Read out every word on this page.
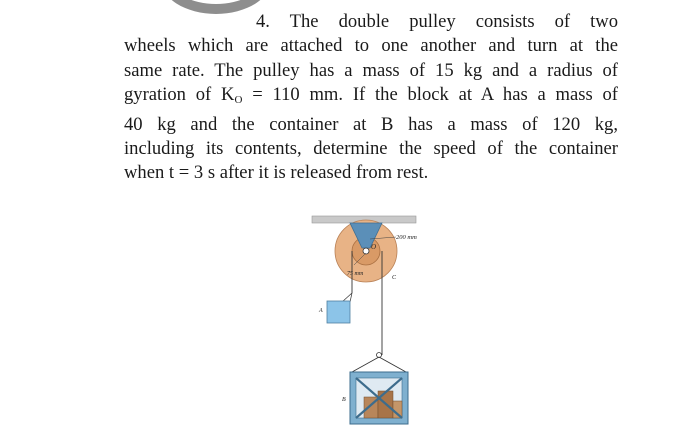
4. The double pulley consists of two
wheels which are attached to one another and turn at the
same rate. The pulley has a mass of 15 kg and a radius of
gyration of $K_O = 110$ mm. If the block at A has a mass of
40 kg and the container at B has a mass of 120 kg,
including its contents, determine the speed of the container
when t = 3 s after it is released from rest.
O
200 mm
75 mm
A
C
B
